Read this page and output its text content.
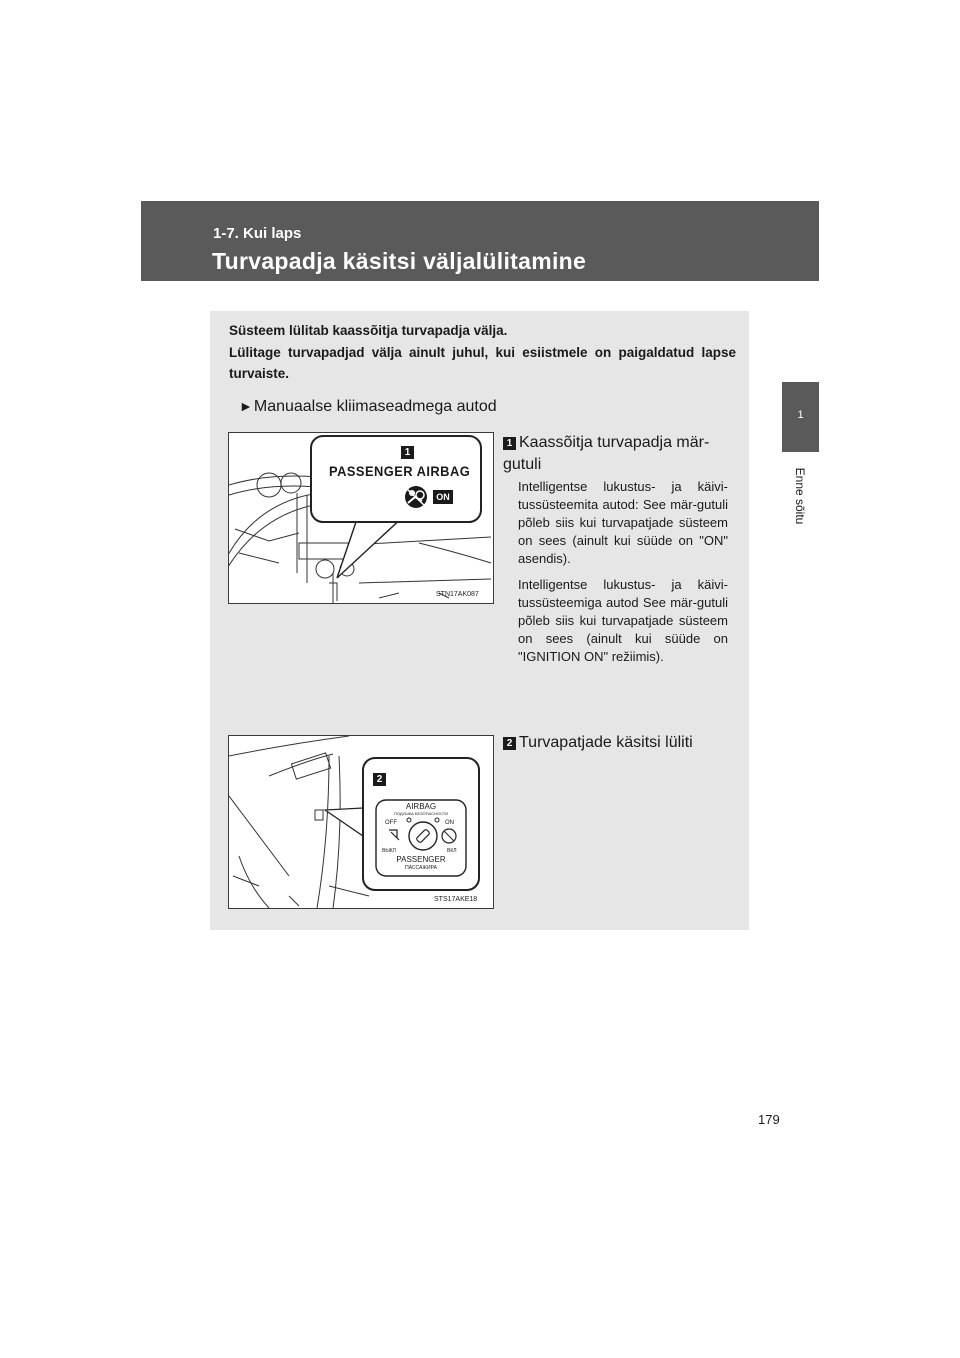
1-7. Kui laps
Turvapadja käsitsi väljalülitamine
1
Enne sõitu

Süsteem lülitab kaassõitja turvapadja välja.

Lülitage turvapadjad välja ainult juhul, kui esiistmele on paigaldatud lapse turvaiste.

►Manuaalse kliimaseadmega autod
1
PASSENGER AIRBAG
ON
STN17AK087
1 Kaassõitja turvapadja mär-gutuli

Intelligentse lukustus- ja käivi-tussüsteemita autod: See mär-gutuli põleb siis kui turvapatjade süsteem on sees (ainult kui süüde on "ON" asendis).

Intelligentse lukustus- ja käivi-tussüsteemiga autod See mär-gutuli põleb siis kui turvapatjade süsteem on sees (ainult kui süüde on "IGNITION ON" režiimis).

2
AIRBAG
ПОДУШКА БЕЗОПАСНОСТИ
OFF	ON
ВЫКЛ	ВКЛ
PASSENGER
ПАССАЖИРА
STS17AKE18
2 Turvapatjade käsitsi lüliti
179
